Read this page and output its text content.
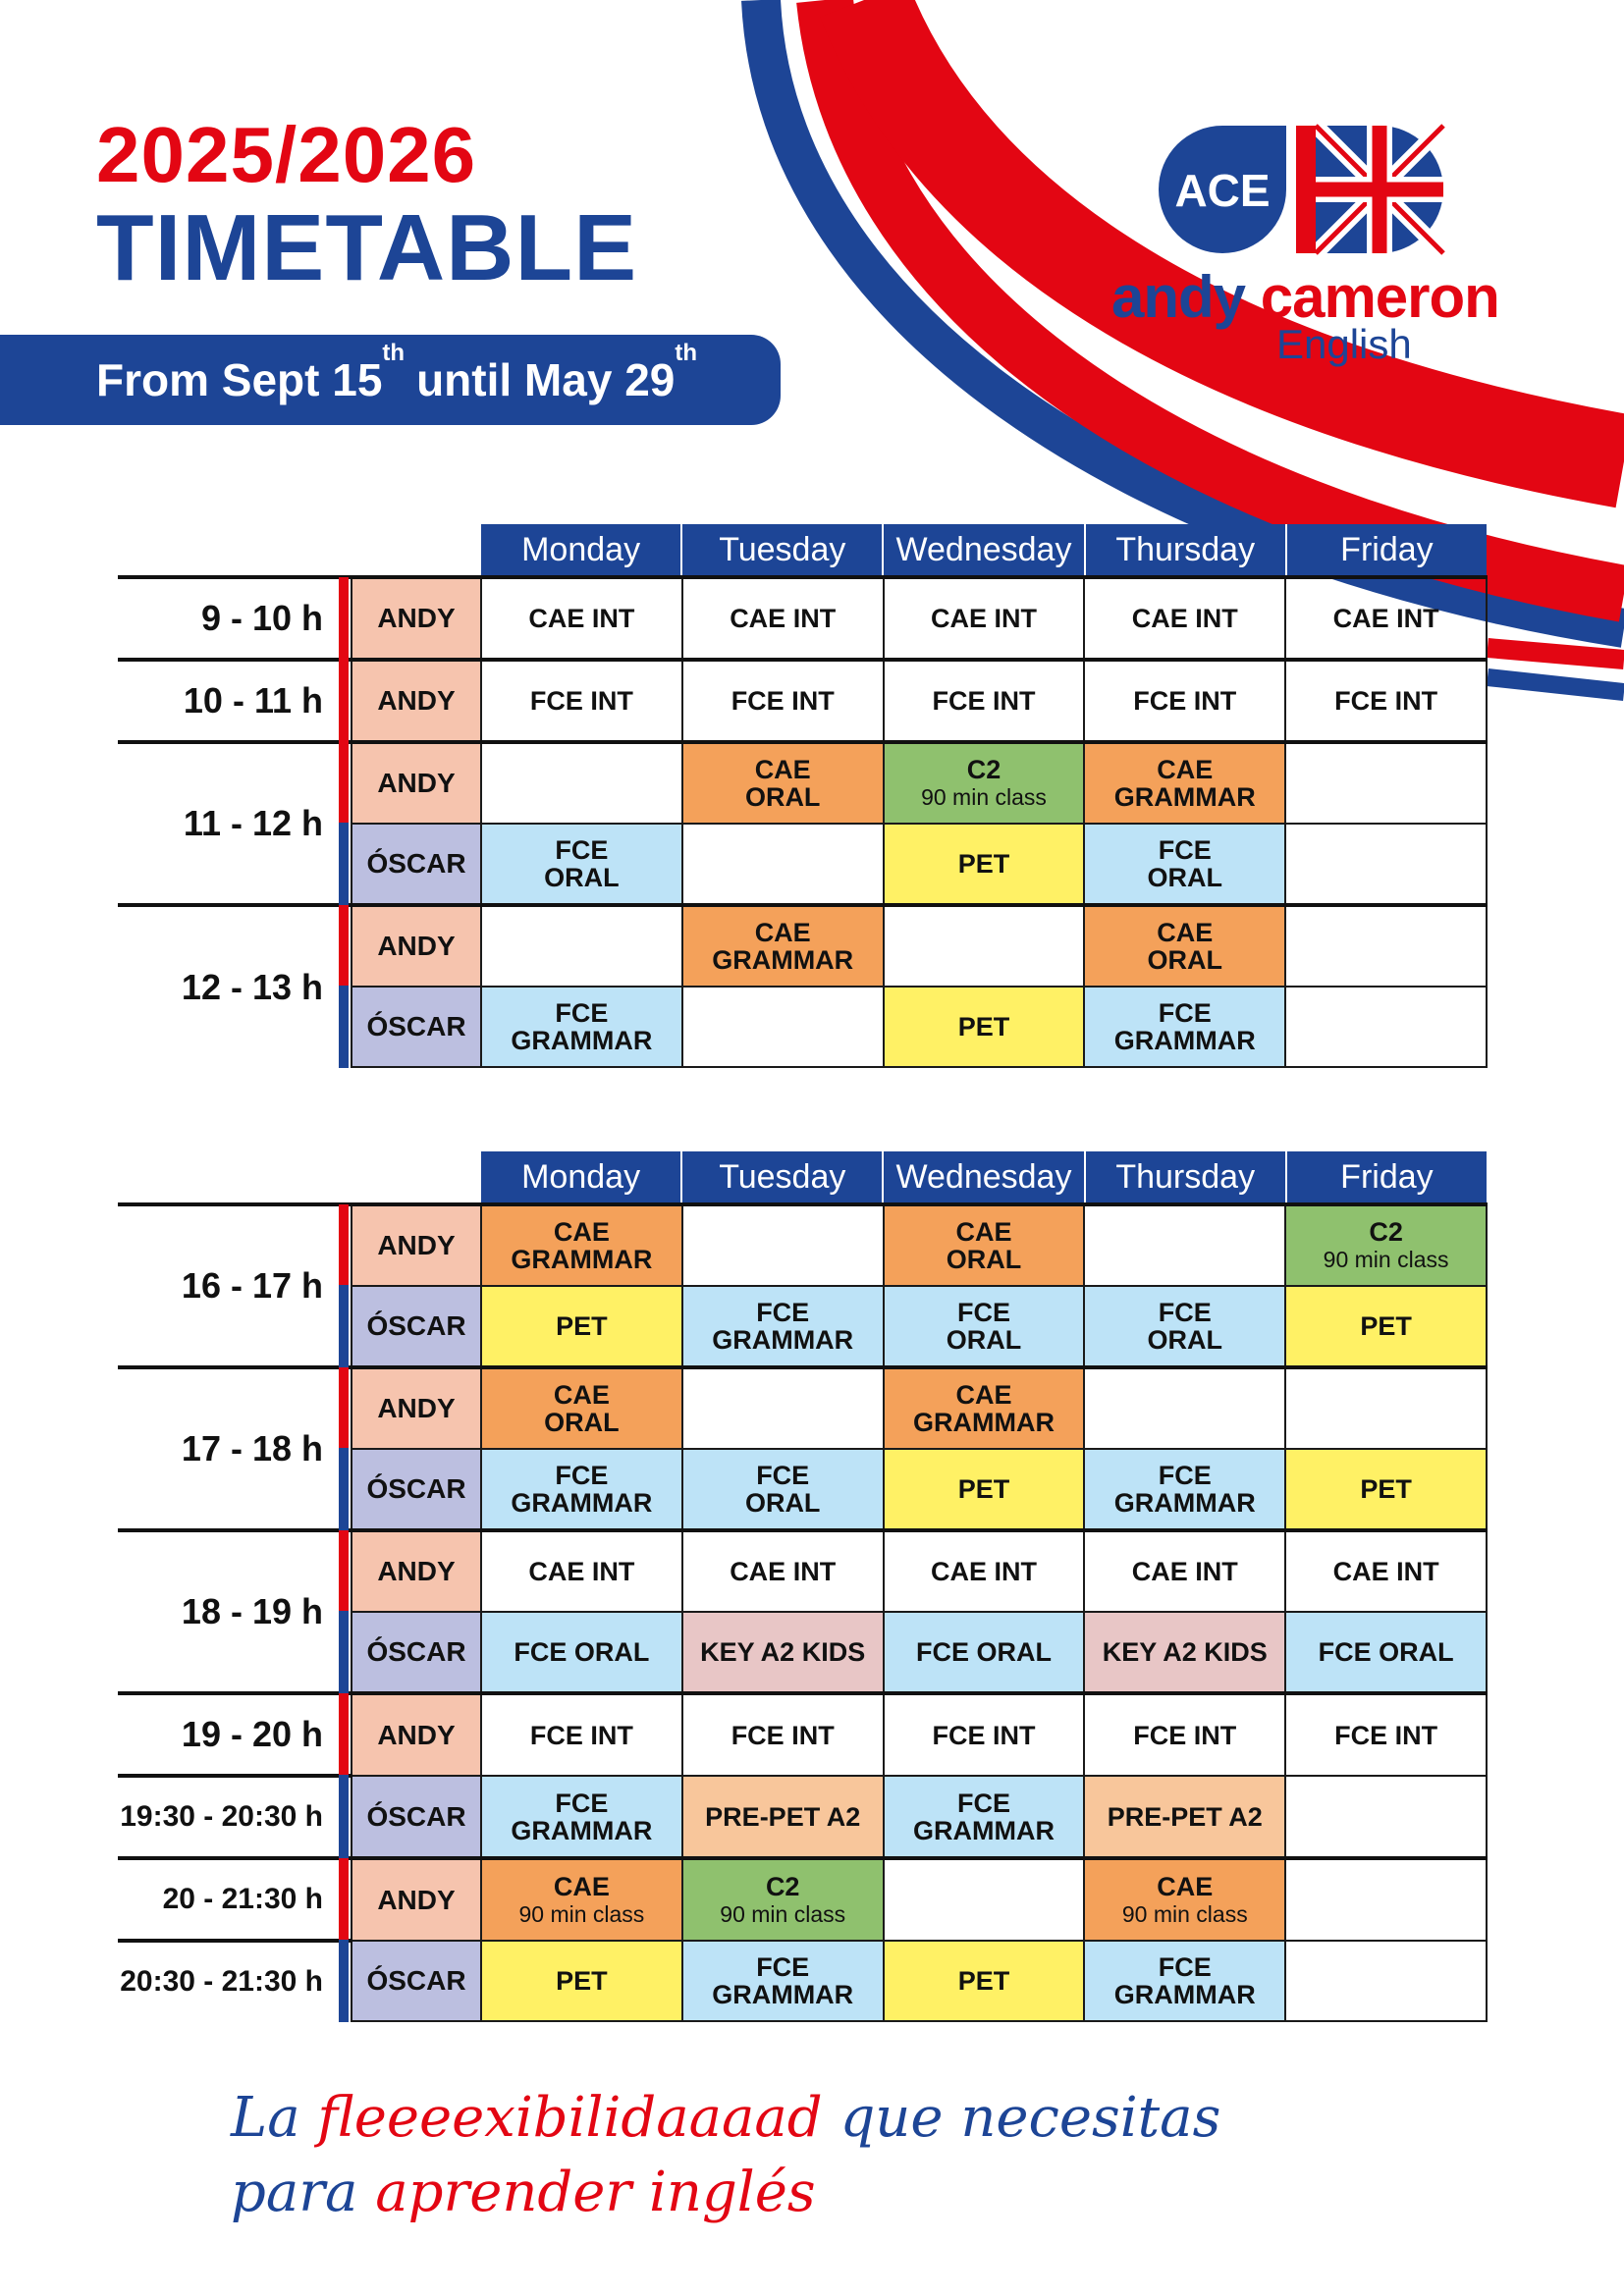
2025/2026
TIMETABLE
From Sept 15
$^{th}$
until May 29
$^{th}$
ACE
andy cameron
English
Monday	Tuesday	Wednesday	Thursday	Friday
9 - 10 h	ANDY	CAE INT	CAE INT	CAE INT	CAE INT	CAE INT
10 - 11 h	ANDY	FCE INT	FCE INT	FCE INT	FCE INT	FCE INT
11 - 12 h	ANDY		CAE
ORAL	C2
90 min class	CAE
GRAMMAR	
	ÓSCAR	FCE
ORAL		PET	FCE
ORAL	
12 - 13 h	ANDY		CAE
GRAMMAR		CAE
ORAL	
	ÓSCAR	FCE
GRAMMAR		PET	FCE
GRAMMAR	
Monday	Tuesday	Wednesday	Thursday	Friday
16 - 17 h	ANDY	CAE
GRAMMAR		CAE
ORAL		C2
90 min class

	ÓSCAR	PET	FCE
GRAMMAR	FCE
ORAL	FCE
ORAL	PET
17 - 18 h	ANDY	CAE
ORAL		CAE
GRAMMAR		
	ÓSCAR	FCE
GRAMMAR	FCE
ORAL	PET	FCE
GRAMMAR	PET
18 - 19 h	ANDY	CAE INT	CAE INT	CAE INT	CAE INT	CAE INT
	ÓSCAR	FCE ORAL	KEY A2 KIDS	FCE ORAL	KEY A2 KIDS	FCE ORAL
19 - 20 h	ANDY	FCE INT	FCE INT	FCE INT	FCE INT	FCE INT
19:30 - 20:30 h	ÓSCAR	FCE
GRAMMAR	PRE-PET A2	FCE
GRAMMAR	PRE-PET A2	
20 - 21:30 h	ANDY	CAE
90 min class	C2
90 min class		CAE
90 min class	

20:30 - 21:30 h	ÓSCAR	PET	FCE
GRAMMAR	PET	FCE
GRAMMAR	
La fleeeexibilidaaaad que necesitas
para aprender inglés
